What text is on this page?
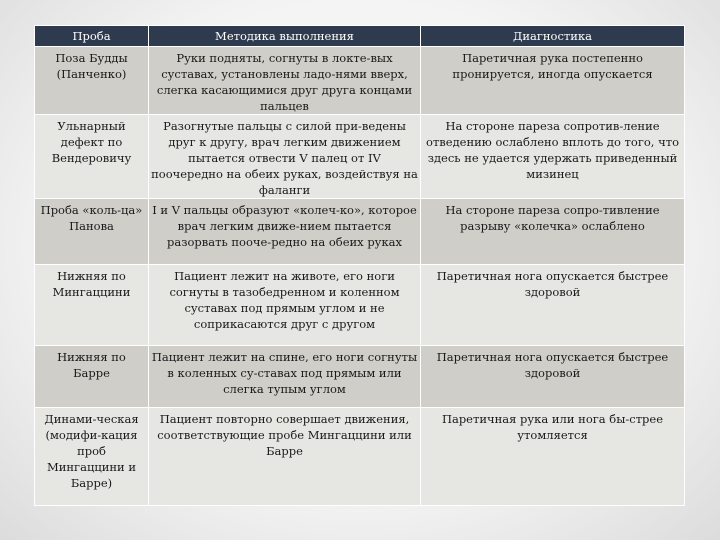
Проба	Методика выполнения	Диагностика
Поза Будды (Панченко)	Руки подняты, согнуты в локте-вых суставах, установлены ладо-нями вверх, слегка касающимися друг друга концами пальцев	Паретичная рука постепенно пронируется, иногда опускается
Ульнарный дефект по Вендеровичу	Разогнутые пальцы с силой при-ведены друг к другу, врач легким движением пытается отвести V палец от IV поочередно на обеих руках, воздействуя на фаланги	На стороне пареза сопротив-ление отведению ослаблено вплоть до того, что здесь не удается удержать приведенный мизинец
Проба «коль-ца» Панова	I и V пальцы образуют «колеч-ко», которое врач легким движе-нием пытается разорвать пооче-редно на обеих руках	На стороне пареза сопро-тивление разрыву «колечка» ослаблено
Нижняя по Мингаццини	Пациент лежит на животе, его ноги согнуты в тазобедренном и коленном суставах под прямым углом и не соприкасаются друг с другом	Паретичная нога опускается быстрее здоровой
Нижняя по Барре	Пациент лежит на спине, его ноги согнуты в коленных су-ставах под прямым или слегка тупым углом	Паретичная нога опускается быстрее здоровой
Динами-ческая (модифи-кация проб Мингаццини и Барре)	Пациент повторно совершает движения, соответствующие пробе Мингаццини или Барре	Паретичная рука или нога бы-стрее утомляется
